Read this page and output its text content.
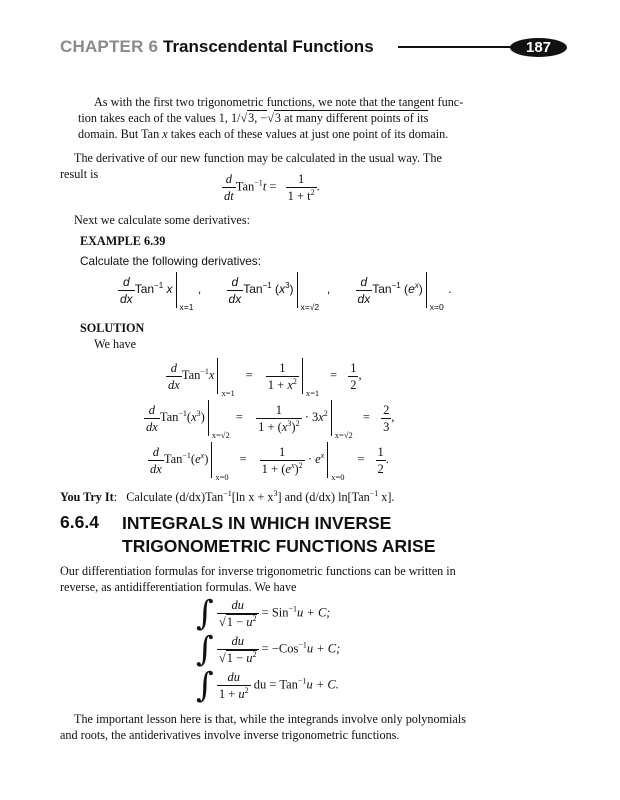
CHAPTER 6 Transcendental Functions	187
As with the first two trigonometric functions, we note that the tangent func-
tion takes each of the values 1, 1/√3, −√3 at many different points of its
domain. But Tan x takes each of these values at just one point of its domain.
The derivative of our new function may be calculated in the usual way. The
result is	$\frac{d}{dt} Tan^{-1}t = \frac{1}{1 + t^2}$ .
Next we calculate some derivatives:
EXAMPLE 6.39
Calculate the following derivatives:
$\frac{d}{dx} Tan^{-1}$ x
x=1
, $\frac{d}{dx} Tan^{-1}$ $(x^3)$
x=√2
, $\frac{d}{dx} Tan^{-1}$ $(e^x)$
x=0
.
SOLUTION
We have
$\frac{d}{dx} Tan^{-1}x$
x=1
= $\frac{1}{1 + x^2}$
x=1
= $\frac{1}{2}$ ,
$\frac{d}{dx} Tan^{-1}(x^3)$
x=√2
= $\frac{1}{1 + (x^3)^2} \cdot 3x^2$
x=√2
= $\frac{2}{3}$ ,
$\frac{d}{dx} Tan^{-1}(e^x)$
x=0
= $\frac{1}{1 + (e^x)^2} \cdot e^x$
x=0
= $\frac{1}{2}$ .
You Try It:   Calculate (d/dx)Tan$^{-1}$[ln $x + x^3$] and (d/dx) ln[Tan$^{-1}$ x].
6.6.4 INTEGRALS IN WHICH INVERSE
TRIGONOMETRIC FUNCTIONS ARISE
Our differentiation formulas for inverse trigonometric functions can be written in
reverse, as antidifferentiation formulas. We have
∫ $\frac{du}{√1 - u^2} = Sin^{-1}u + C$;
∫ $\frac{du}{√1 - u^2} = -Cos^{-1}u + C$;
∫ $\frac{du}{1 + u^2}$ du = Tan$^{-1}$u + C.
The important lesson here is that, while the integrands involve only polynomials
and roots, the antiderivatives involve inverse trigonometric functions.
